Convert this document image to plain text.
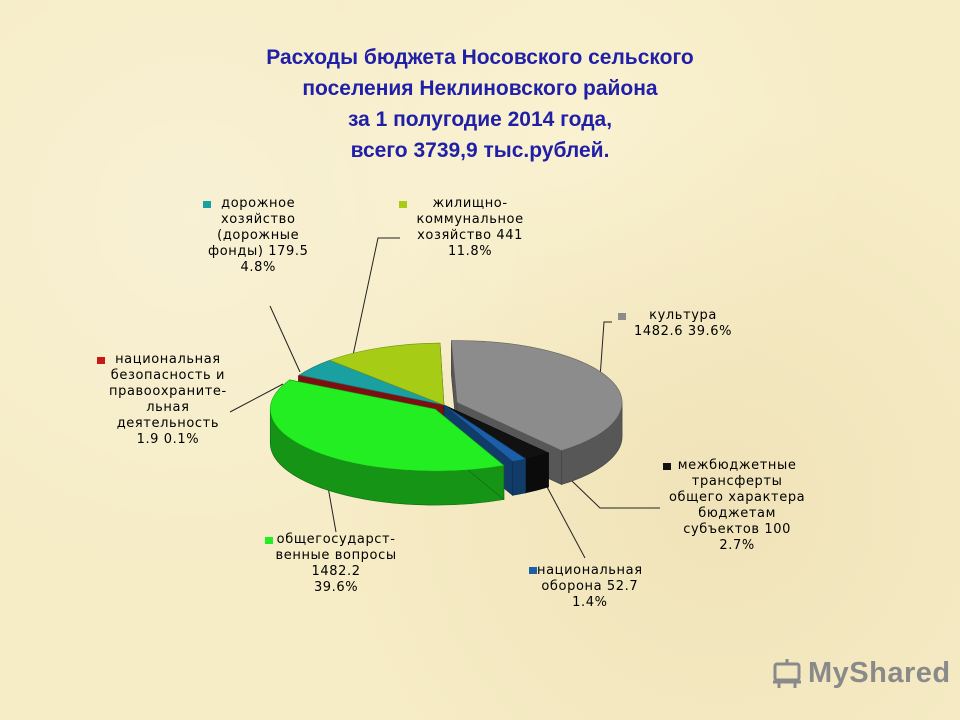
Расходы бюджета Носовского сельского
поселения Неклиновского района
за 1 полугодие 2014 года,
всего 3739,9 тыс.рублей.
культура
1482.6 39.6%
межбюджетные
трансферты
общего характера
бюджетам
субъектов 100
2.7%
национальная
оборона 52.7
1.4%
общегосударст-
венные вопросы
1482.2
39.6%
национальная
безопасность и
правоохраните-
льная
деятельность
1.9 0.1%
дорожное
хозяйство
(дорожные
фонды) 179.5
4.8%
жилищно-
коммунальное
хозяйство 441
11.8%
MyShared
